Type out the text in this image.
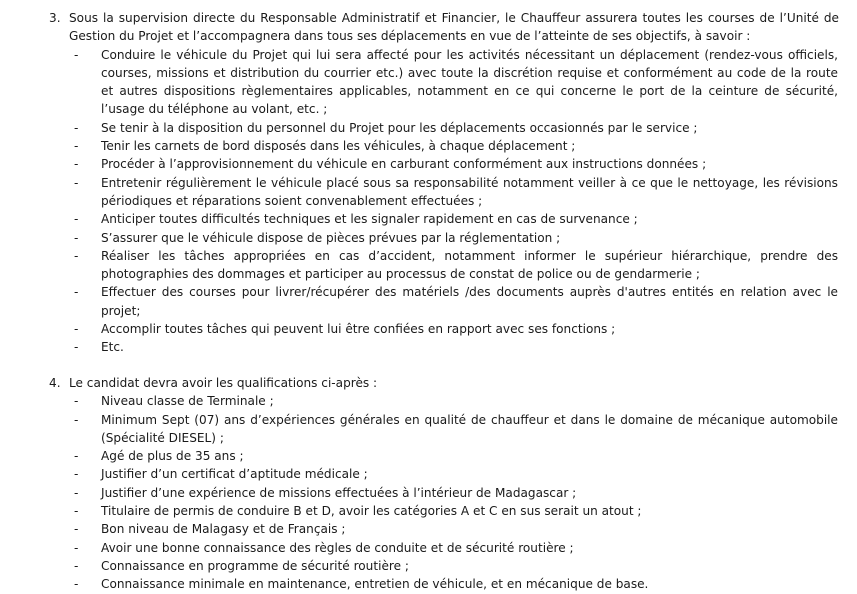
3. Sous la supervision directe du Responsable Administratif et Financier, le Chauffeur assurera toutes les courses de l’Unité de Gestion du Projet et l’accompagnera dans tous ses déplacements en vue de l’atteinte de ses objectifs, à savoir :
- Conduire le véhicule du Projet qui lui sera affecté pour les activités nécessitant un déplacement (rendez-vous officiels, courses, missions et distribution du courrier etc.) avec toute la discrétion requise et conformément au code de la route et autres dispositions règlementaires applicables, notamment en ce qui concerne le port de la ceinture de sécurité, l’usage du téléphone au volant, etc. ;
- Se tenir à la disposition du personnel du Projet pour les déplacements occasionnés par le service ;
- Tenir les carnets de bord disposés dans les véhicules, à chaque déplacement ;
- Procéder à l’approvisionnement du véhicule en carburant conformément aux instructions données ;
- Entretenir régulièrement le véhicule placé sous sa responsabilité notamment veiller à ce que le nettoyage, les révisions périodiques et réparations soient convenablement effectuées ;
- Anticiper toutes difficultés techniques et les signaler rapidement en cas de survenance ;
- S’assurer que le véhicule dispose de pièces prévues par la réglementation ;
- Réaliser les tâches appropriées en cas d’accident, notamment informer le supérieur hiérarchique, prendre des photographies des dommages et participer au processus de constat de police ou de gendarmerie ;
- Effectuer des courses pour livrer/récupérer des matériels /des documents auprès d'autres entités en relation avec le projet;
- Accomplir toutes tâches qui peuvent lui être confiées en rapport avec ses fonctions ;
- Etc.
4. Le candidat devra avoir les qualifications ci-après :
- Niveau classe de Terminale ;
- Minimum Sept (07) ans d’expériences générales en qualité de chauffeur et dans le domaine de mécanique automobile (Spécialité DIESEL) ;
- Agé de plus de 35 ans ;
- Justifier d’un certificat d’aptitude médicale ;
- Justifier d’une expérience de missions effectuées à l’intérieur de Madagascar ;
- Titulaire de permis de conduire B et D, avoir les catégories A et C en sus serait un atout ;
- Bon niveau de Malagasy et de Français ;
- Avoir une bonne connaissance des règles de conduite et de sécurité routière ;
- Connaissance en programme de sécurité routière ;
- Connaissance minimale en maintenance, entretien de véhicule, et en mécanique de base.
